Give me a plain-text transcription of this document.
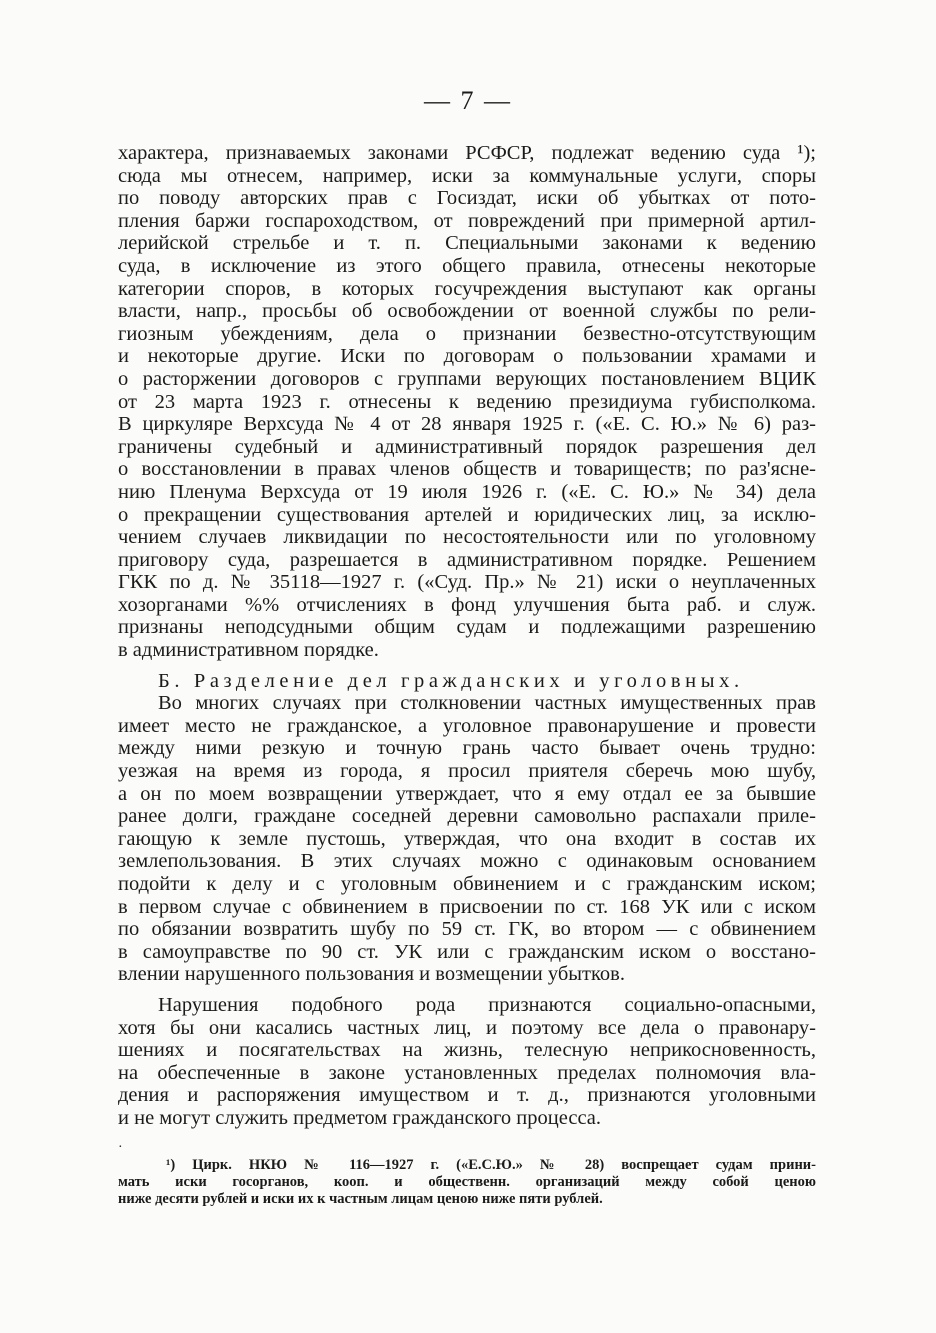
— 7 —
характера, признаваемых законами РСФСР, подлежат ведению суда ¹);
сюда мы отнесем, например, иски за коммунальные услуги, споры
по поводу авторских прав с Госиздат, иски об убытках от пото-
пления баржи госпароходством, от повреждений при примерной артил-
лерийской стрельбе и т. п. Специальными законами к ведению
суда, в исключение из этого общего правила, отнесены некоторые
категории споров, в которых госучреждения выступают как органы
власти, напр., просьбы об освобождении от военной службы по рели-
гиозным убеждениям, дела о признании безвестно-отсутствующим
и некоторые другие. Иски по договорам о пользовании храмами и
о расторжении договоров с группами верующих постановлением ВЦИК
от 23 марта 1923 г. отнесены к ведению президиума губисполкома.
В циркуляре Верхсуда № 4 от 28 января 1925 г. («Е. С. Ю.» № 6) раз-
граничены судебный и административный порядок разрешения дел
о восстановлении в правах членов обществ и товариществ; по раз'ясне-
нию Пленума Верхсуда от 19 июля 1926 г. («Е. С. Ю.» № 34) дела
о прекращении существования артелей и юридических лиц, за исклю-
чением случаев ликвидации по несостоятельности или по уголовному
приговору суда, разрешается в административном порядке. Решением
ГКК по д. № 35118—1927 г. («Суд. Пр.» № 21) иски о неуплаченных
хозорганами %% отчислениях в фонд улучшения быта раб. и служ.
признаны неподсудными общим судам и подлежащими разрешению
в административном порядке.
Б. Разделение дел гражданских и уголовных.
Во многих случаях при столкновении частных имущественных прав
имеет место не гражданское, а уголовное правонарушение и провести
между ними резкую и точную грань часто бывает очень трудно:
уезжая на время из города, я просил приятеля сберечь мою шубу,
а он по моем возвращении утверждает, что я ему отдал ее за бывшие
ранее долги, граждане соседней деревни самовольно распахали приле-
гающую к земле пустошь, утверждая, что она входит в состав их
землепользования. В этих случаях можно с одинаковым основанием
подойти к делу и с уголовным обвинением и с гражданским иском;
в первом случае с обвинением в присвоении по ст. 168 УК или с иском
по обязании возвратить шубу по 59 ст. ГК, во втором — с обвинением
в самоуправстве по 90 ст. УК или с гражданским иском о восстано-
влении нарушенного пользования и возмещении убытков.
Нарушения подобного рода признаются социально-опасными,
хотя бы они касались частных лиц, и поэтому все дела о правонару-
шениях и посягательствах на жизнь, телесную неприкосновенность,
на обеспеченные в законе установленных пределах полномочия вла-
дения и распоряжения имуществом и т. д., признаются уголовными
и не могут служить предметом гражданского процесса.
·
¹) Цирк. НКЮ № 116—1927 г. («Е.С.Ю.» № 28) воспрещает судам прини-
мать иски госорганов, кооп. и общественн. организаций между собой ценою
ниже десяти рублей и иски их к частным лицам ценою ниже пяти рублей.
